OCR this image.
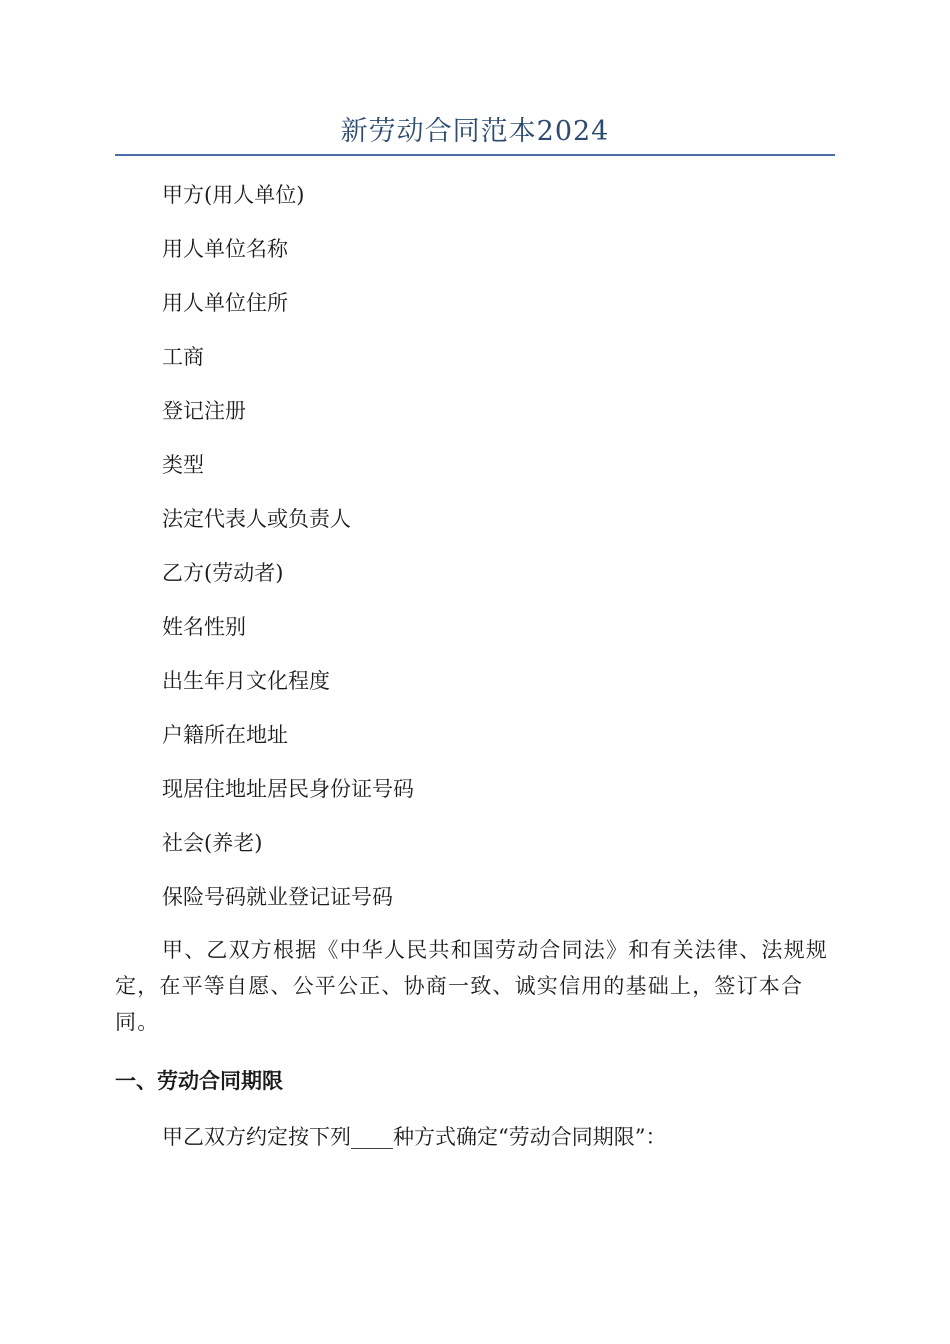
新劳动合同范本2024
甲方(用人单位)
用人单位名称
用人单位住所
工商
登记注册
类型
法定代表人或负责人
乙方(劳动者)
姓名性别
出生年月文化程度
户籍所在地址
现居住地址居民身份证号码
社会(养老)
保险号码就业登记证号码
甲、乙双方根据《中华人民共和国劳动合同法》和有关法律、法规规定，在平等自愿、公平公正、协商一致、诚实信用的基础上，签订本合同。
一、劳动合同期限
甲乙双方约定按下列____种方式确定“劳动合同期限”：
